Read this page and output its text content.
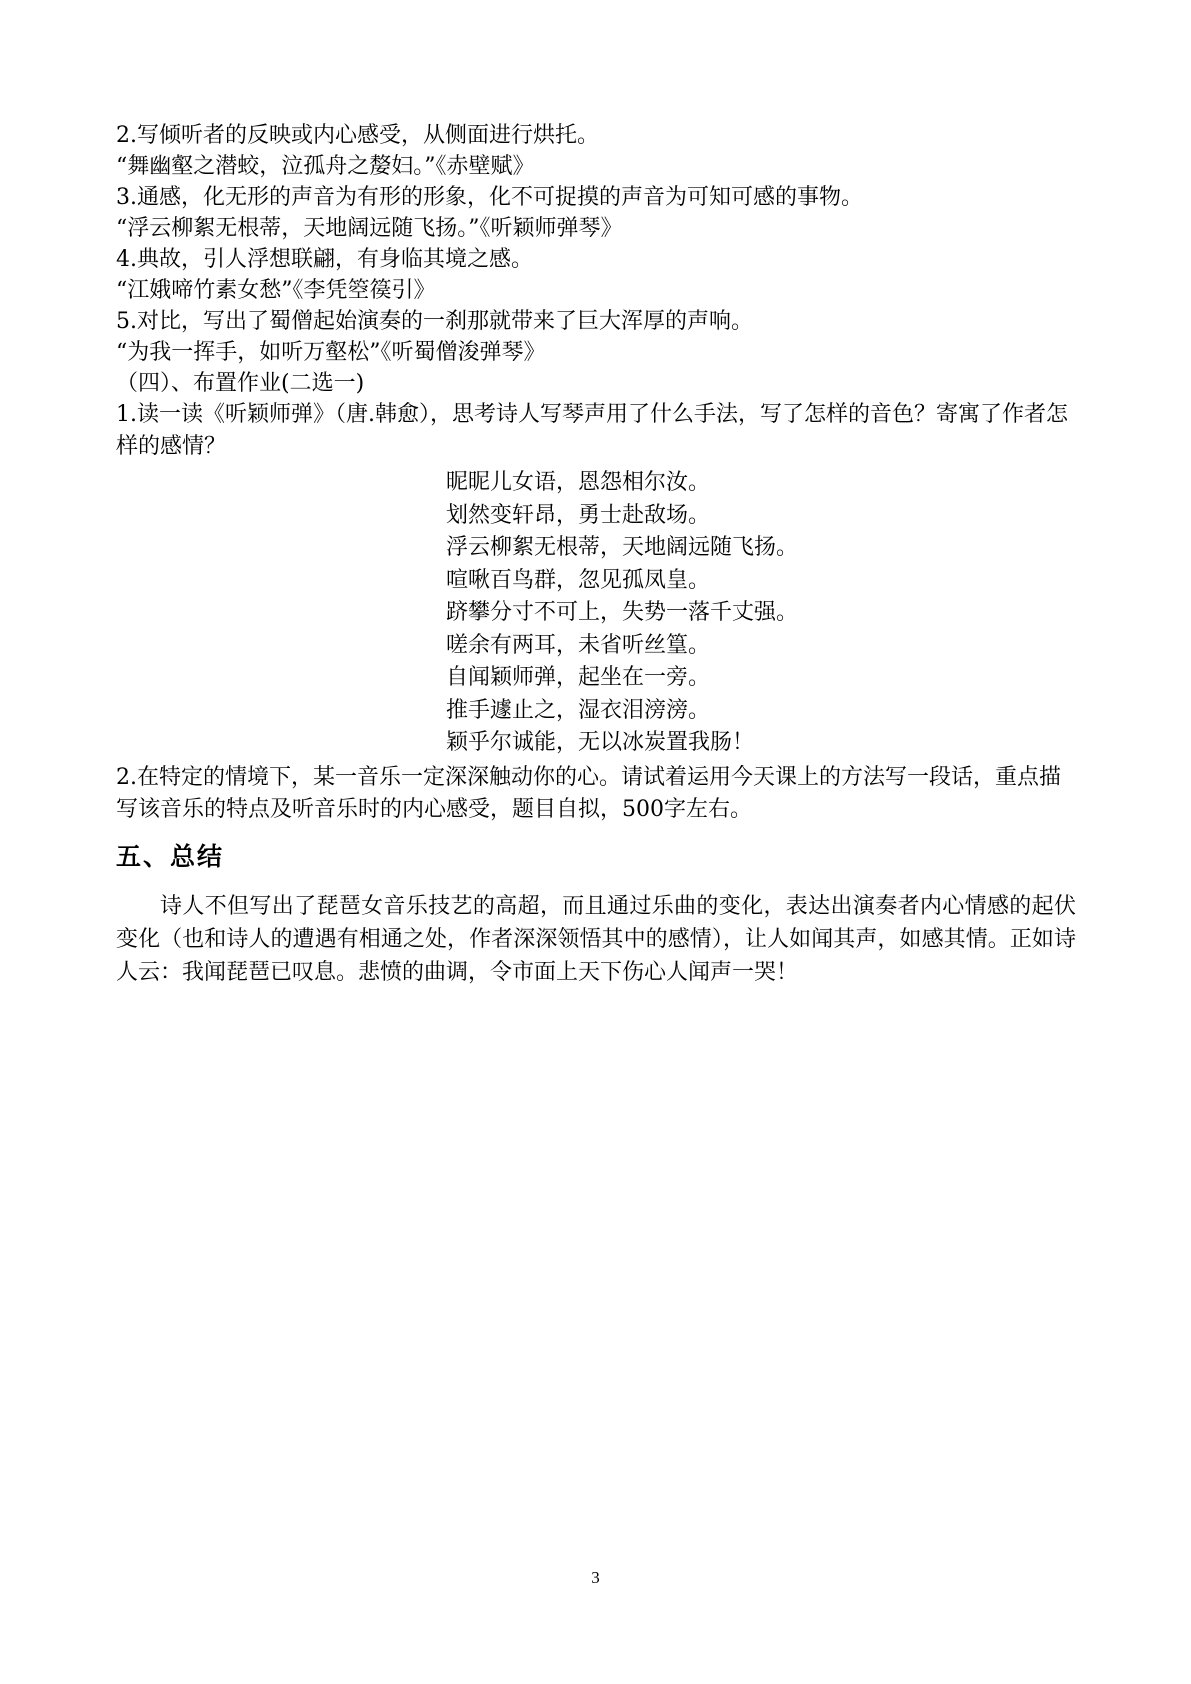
2.写倾听者的反映或内心感受，从侧面进行烘托。

“舞幽壑之潜蛟，泣孤舟之嫠妇。”《赤壁赋》

3.通感，化无形的声音为有形的形象，化不可捉摸的声音为可知可感的事物。

“浮云柳絮无根蒂，天地阔远随飞扬。”《听颖师弹琴》

4.典故，引人浮想联翩，有身临其境之感。

“江娥啼竹素女愁”《李凭箜篌引》

5.对比，写出了蜀僧起始演奏的一刹那就带来了巨大浑厚的声响。

“为我一挥手，如听万壑松”《听蜀僧浚弹琴》

（四）、布置作业(二选一)

1.读一读《听颖师弹》（唐.韩愈），思考诗人写琴声用了什么手法，写了怎样的音色？寄寓了作者怎样的感情？

昵昵儿女语，恩怨相尔汝。

划然变轩昂，勇士赴敌场。

浮云柳絮无根蒂，天地阔远随飞扬。

喧啾百鸟群，忽见孤凤皇。

跻攀分寸不可上，失势一落千丈强。

嗟余有两耳，未省听丝篁。

自闻颖师弹，起坐在一旁。

推手遽止之，湿衣泪滂滂。

颖乎尔诚能，无以冰炭置我肠！

2.在特定的情境下，某一音乐一定深深触动你的心。请试着运用今天课上的方法写一段话，重点描写该音乐的特点及听音乐时的内心感受，题目自拟，500字左右。

五、总结

诗人不但写出了琵琶女音乐技艺的高超，而且通过乐曲的变化，表达出演奏者内心情感的起伏变化（也和诗人的遭遇有相通之处，作者深深领悟其中的感情），让人如闻其声，如感其情。正如诗人云：我闻琵琶已叹息。悲愤的曲调，令市面上天下伤心人闻声一哭！

3
